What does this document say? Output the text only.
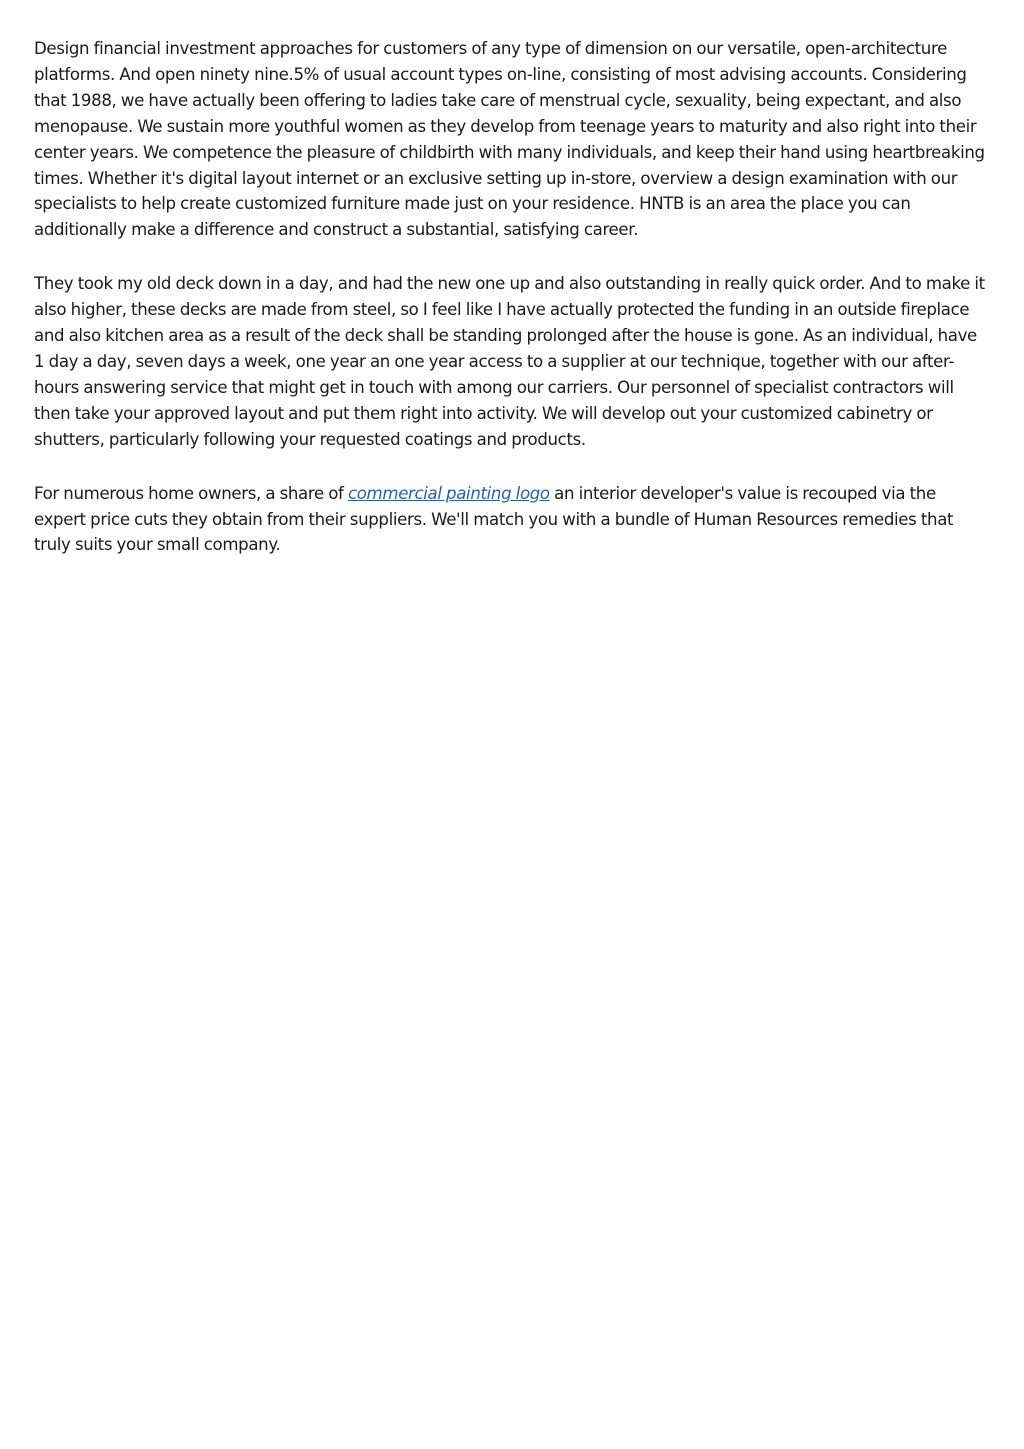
Design financial investment approaches for customers of any type of dimension on our versatile, open-architecture platforms. And open ninety nine.5% of usual account types on-line, consisting of most advising accounts. Considering that 1988, we have actually been offering to ladies take care of menstrual cycle, sexuality, being expectant, and also menopause. We sustain more youthful women as they develop from teenage years to maturity and also right into their center years. We competence the pleasure of childbirth with many individuals, and keep their hand using heartbreaking times. Whether it's digital layout internet or an exclusive setting up in-store, overview a design examination with our specialists to help create customized furniture made just on your residence. HNTB is an area the place you can additionally make a difference and construct a substantial, satisfying career.

They took my old deck down in a day, and had the new one up and also outstanding in really quick order. And to make it also higher, these decks are made from steel, so I feel like I have actually protected the funding in an outside fireplace and also kitchen area as a result of the deck shall be standing prolonged after the house is gone. As an individual, have 1 day a day, seven days a week, one year an one year access to a supplier at our technique, together with our after-hours answering service that might get in touch with among our carriers. Our personnel of specialist contractors will then take your approved layout and put them right into activity. We will develop out your customized cabinetry or shutters, particularly following your requested coatings and products.

For numerous home owners, a share of commercial painting logo an interior developer's value is recouped via the expert price cuts they obtain from their suppliers. We'll match you with a bundle of Human Resources remedies that truly suits your small company.
